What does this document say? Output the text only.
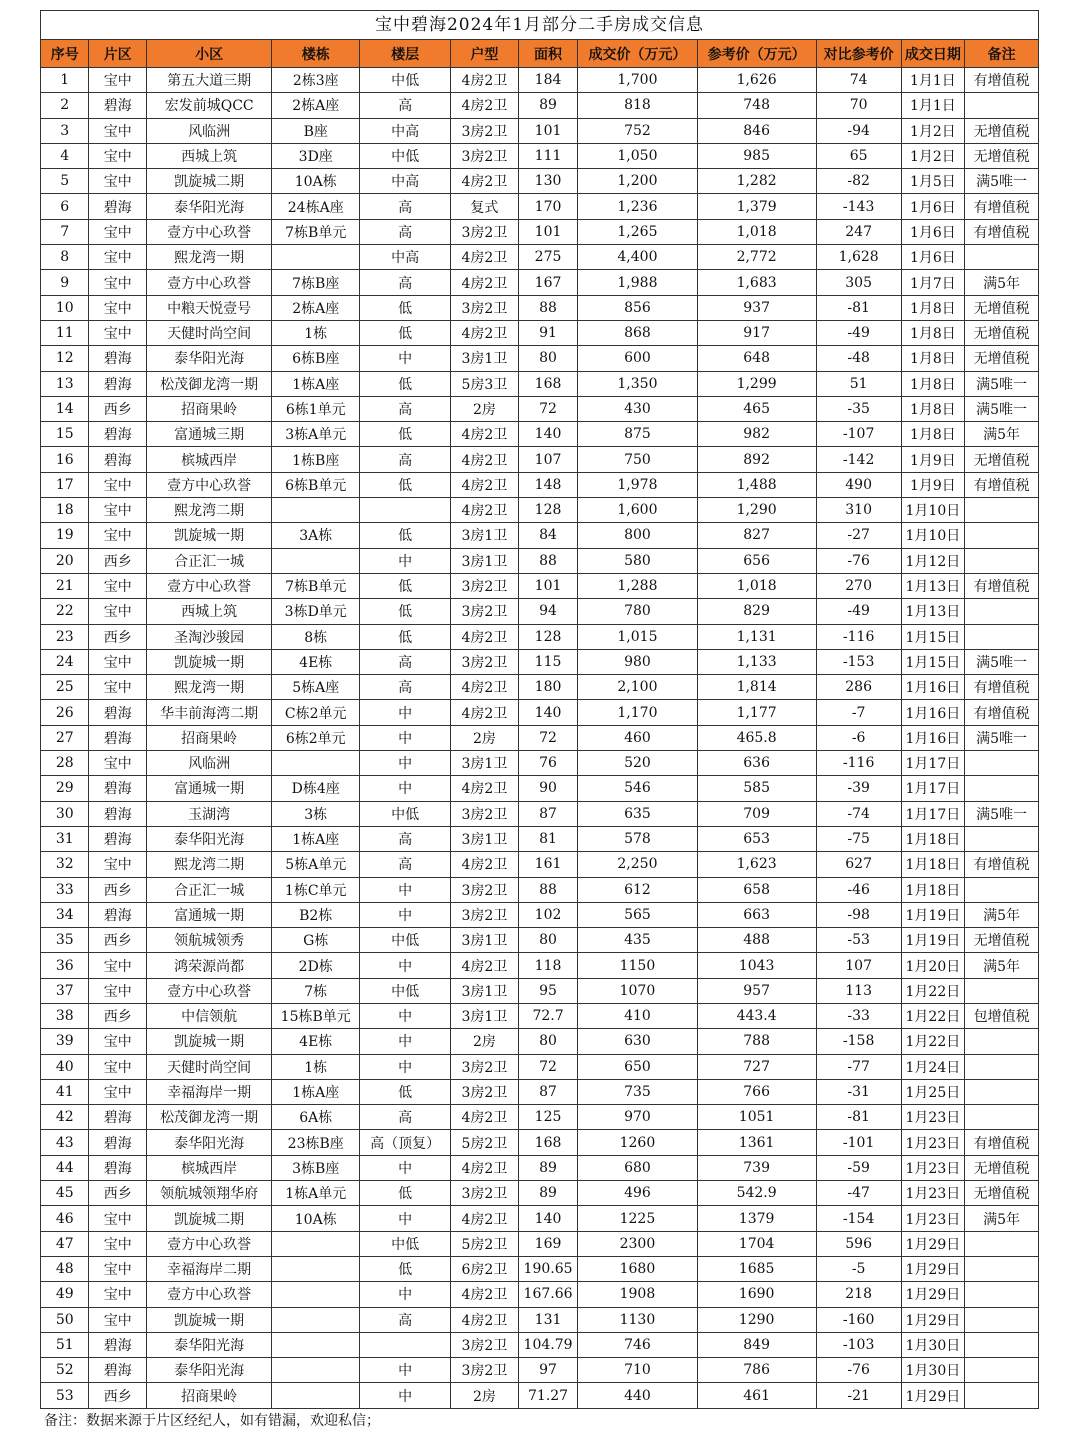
宝中碧海2024年1月部分二手房成交信息
序号	片区	小区	楼栋	楼层	户型	面积	成交价（万元）	参考价（万元）	对比参考价	成交日期	备注
1	宝中	第五大道三期	2栋3座	中低	4房2卫	184	1,700	1,626	74	1月1日	有增值税
2	碧海	宏发前城QCC	2栋A座	高	4房2卫	89	818	748	70	1月1日	
3	宝中	风临洲	B座	中高	3房2卫	101	752	846	-94	1月2日	无增值税
4	宝中	西城上筑	3D座	中低	3房2卫	111	1,050	985	65	1月2日	无增值税
5	宝中	凯旋城二期	10A栋	中高	4房2卫	130	1,200	1,282	-82	1月5日	满5唯一
6	碧海	泰华阳光海	24栋A座	高	复式	170	1,236	1,379	-143	1月6日	有增值税
7	宝中	壹方中心玖誉	7栋B单元	高	3房2卫	101	1,265	1,018	247	1月6日	有增值税
8	宝中	熙龙湾一期		中高	4房2卫	275	4,400	2,772	1,628	1月6日	
9	宝中	壹方中心玖誉	7栋B座	高	4房2卫	167	1,988	1,683	305	1月7日	满5年
10	宝中	中粮天悦壹号	2栋A座	低	3房2卫	88	856	937	-81	1月8日	无增值税
11	宝中	天健时尚空间	1栋	低	4房2卫	91	868	917	-49	1月8日	无增值税
12	碧海	泰华阳光海	6栋B座	中	3房1卫	80	600	648	-48	1月8日	无增值税
13	碧海	松茂御龙湾一期	1栋A座	低	5房3卫	168	1,350	1,299	51	1月8日	满5唯一
14	西乡	招商果岭	6栋1单元	高	2房	72	430	465	-35	1月8日	满5唯一
15	碧海	富通城三期	3栋A单元	低	4房2卫	140	875	982	-107	1月8日	满5年
16	碧海	槟城西岸	1栋B座	高	4房2卫	107	750	892	-142	1月9日	无增值税
17	宝中	壹方中心玖誉	6栋B单元	低	4房2卫	148	1,978	1,488	490	1月9日	有增值税
18	宝中	熙龙湾二期			4房2卫	128	1,600	1,290	310	1月10日	
19	宝中	凯旋城一期	3A栋	低	3房1卫	84	800	827	-27	1月10日	
20	西乡	合正汇一城		中	3房1卫	88	580	656	-76	1月12日	
21	宝中	壹方中心玖誉	7栋B单元	低	3房2卫	101	1,288	1,018	270	1月13日	有增值税
22	宝中	西城上筑	3栋D单元	低	3房2卫	94	780	829	-49	1月13日	
23	西乡	圣淘沙骏园	8栋	低	4房2卫	128	1,015	1,131	-116	1月15日	
24	宝中	凯旋城一期	4E栋	高	3房2卫	115	980	1,133	-153	1月15日	满5唯一
25	宝中	熙龙湾一期	5栋A座	高	4房2卫	180	2,100	1,814	286	1月16日	有增值税
26	碧海	华丰前海湾二期	C栋2单元	中	4房2卫	140	1,170	1,177	-7	1月16日	有增值税
27	碧海	招商果岭	6栋2单元	中	2房	72	460	465.8	-6	1月16日	满5唯一
28	宝中	风临洲		中	3房1卫	76	520	636	-116	1月17日	
29	碧海	富通城一期	D栋4座	中	4房2卫	90	546	585	-39	1月17日	
30	碧海	玉湖湾	3栋	中低	3房2卫	87	635	709	-74	1月17日	满5唯一
31	碧海	泰华阳光海	1栋A座	高	3房1卫	81	578	653	-75	1月18日	
32	宝中	熙龙湾二期	5栋A单元	高	4房2卫	161	2,250	1,623	627	1月18日	有增值税
33	西乡	合正汇一城	1栋C单元	中	3房2卫	88	612	658	-46	1月18日	
34	碧海	富通城一期	B2栋	中	3房2卫	102	565	663	-98	1月19日	满5年
35	西乡	领航城领秀	G栋	中低	3房1卫	80	435	488	-53	1月19日	无增值税
36	宝中	鸿荣源尚都	2D栋	中	4房2卫	118	1150	1043	107	1月20日	满5年
37	宝中	壹方中心玖誉	7栋	中低	3房1卫	95	1070	957	113	1月22日	
38	西乡	中信领航	15栋B单元	中	3房1卫	72.7	410	443.4	-33	1月22日	包增值税
39	宝中	凯旋城一期	4E栋	中	2房	80	630	788	-158	1月22日	
40	宝中	天健时尚空间	1栋	中	3房2卫	72	650	727	-77	1月24日	
41	宝中	幸福海岸一期	1栋A座	低	3房2卫	87	735	766	-31	1月25日	
42	碧海	松茂御龙湾一期	6A栋	高	4房2卫	125	970	1051	-81	1月23日	
43	碧海	泰华阳光海	23栋B座	高（顶复）	5房2卫	168	1260	1361	-101	1月23日	有增值税
44	碧海	槟城西岸	3栋B座	中	4房2卫	89	680	739	-59	1月23日	无增值税
45	西乡	领航城领翔华府	1栋A单元	低	3房2卫	89	496	542.9	-47	1月23日	无增值税
46	宝中	凯旋城二期	10A栋	中	4房2卫	140	1225	1379	-154	1月23日	满5年
47	宝中	壹方中心玖誉		中低	5房2卫	169	2300	1704	596	1月29日	
48	宝中	幸福海岸二期		低	6房2卫	190.65	1680	1685	-5	1月29日	
49	宝中	壹方中心玖誉		中	4房2卫	167.66	1908	1690	218	1月29日	
50	宝中	凯旋城一期		高	4房2卫	131	1130	1290	-160	1月29日	
51	碧海	泰华阳光海			3房2卫	104.79	746	849	-103	1月30日	
52	碧海	泰华阳光海		中	3房2卫	97	710	786	-76	1月30日	
53	西乡	招商果岭		中	2房	71.27	440	461	-21	1月29日	
备注：数据来源于片区经纪人，如有错漏，欢迎私信；
